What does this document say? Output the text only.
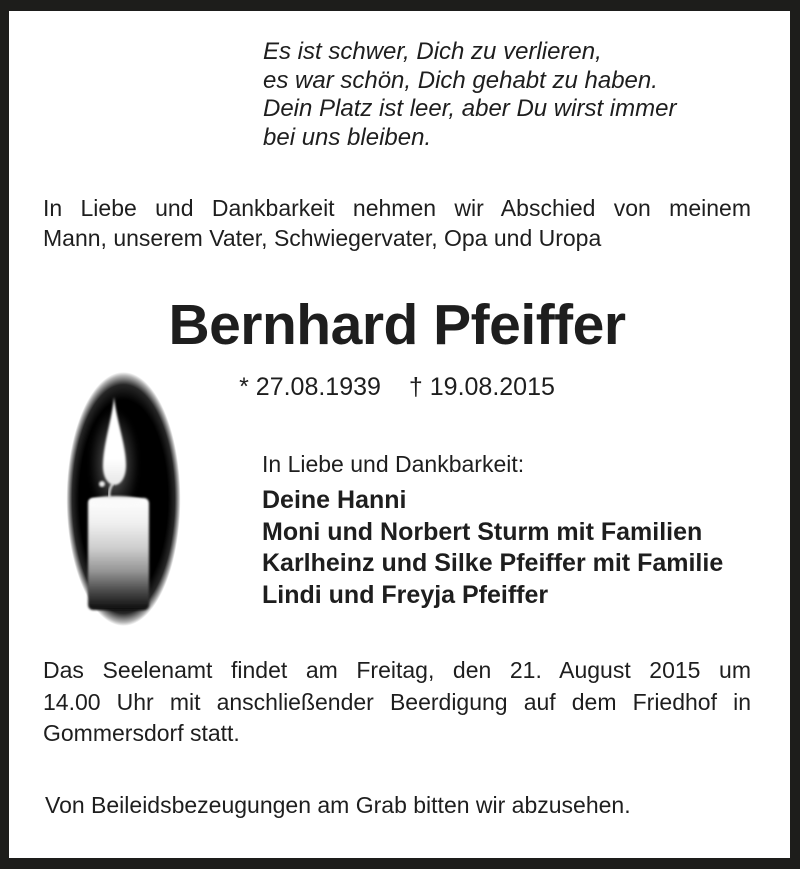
Es ist schwer, Dich zu verlieren,
es war schön, Dich gehabt zu haben.
Dein Platz ist leer, aber Du wirst immer
bei uns bleiben.
In Liebe und Dankbarkeit nehmen wir Abschied von meinem
Mann, unserem Vater, Schwiegervater, Opa und Uropa
Bernhard Pfeiffer
* 27.08.1939 † 19.08.2015
In Liebe und Dankbarkeit:
Deine Hanni
Moni und Norbert Sturm mit Familien
Karlheinz und Silke Pfeiffer mit Familie
Lindi und Freyja Pfeiffer
Das Seelenamt findet am Freitag, den 21. August 2015 um
14.00 Uhr mit anschließender Beerdigung auf dem Friedhof in
Gommersdorf statt.
Von Beileidsbezeugungen am Grab bitten wir abzusehen.
